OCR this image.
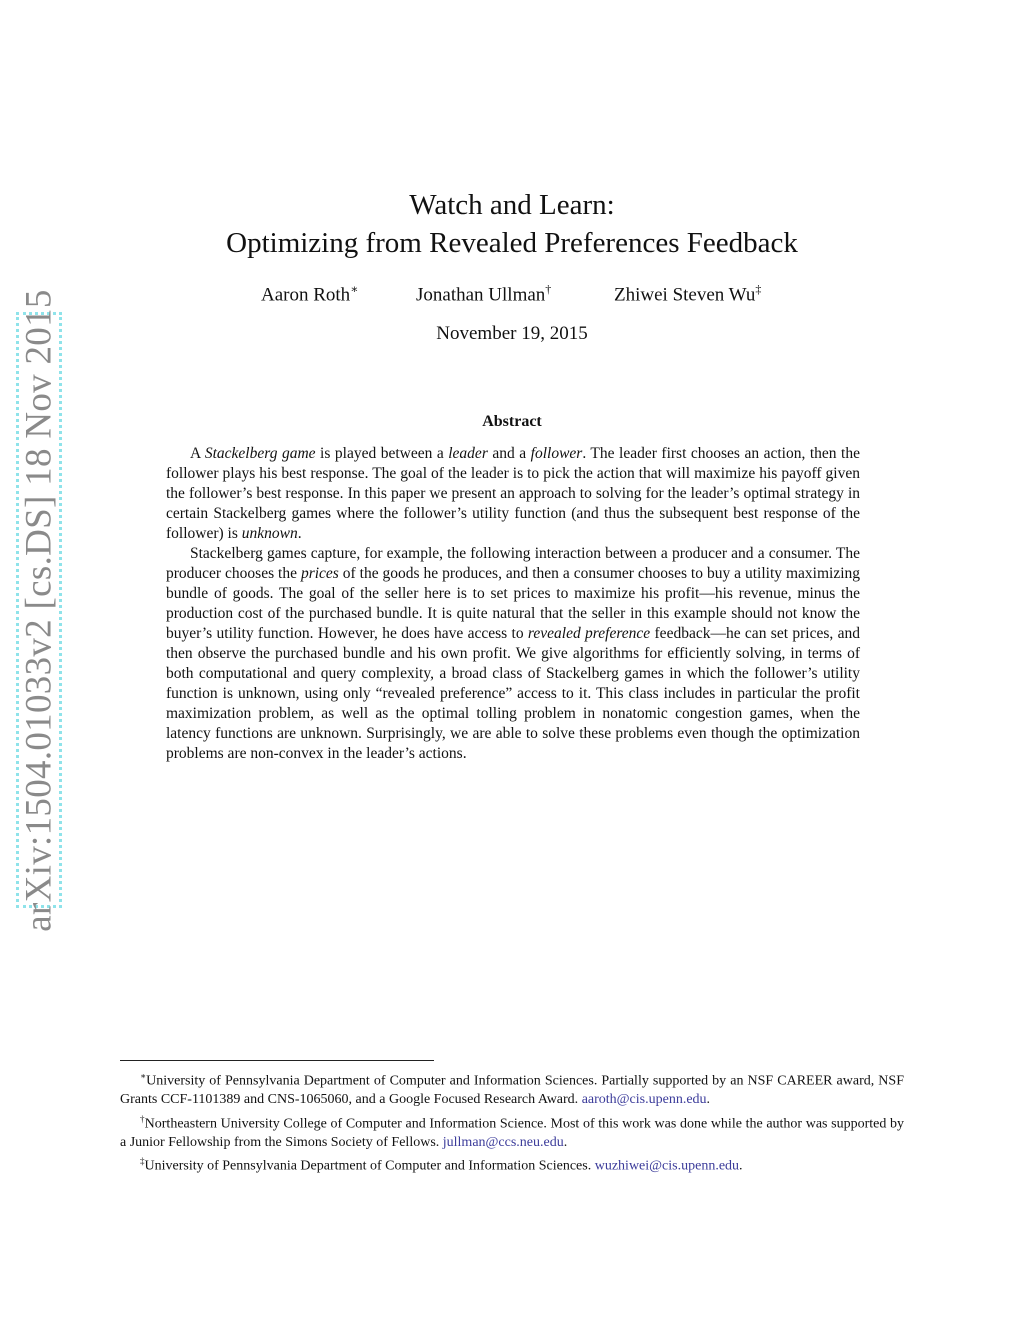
arXiv:1504.01033v2 [cs.DS] 18 Nov 2015
Watch and Learn:
Optimizing from Revealed Preferences Feedback
Aaron Roth∗	Jonathan Ullman†	Zhiwei Steven Wu‡
November 19, 2015
Abstract

A Stackelberg game is played between a leader and a follower. The leader first chooses an action, then the follower plays his best response. The goal of the leader is to pick the action that will maximize his payoff given the follower’s best response. In this paper we present an approach to solving for the leader’s optimal strategy in certain Stackelberg games where the follower’s utility function (and thus the subsequent best response of the follower) is unknown.

Stackelberg games capture, for example, the following interaction between a producer and a consumer. The producer chooses the prices of the goods he produces, and then a consumer chooses to buy a utility maximizing bundle of goods. The goal of the seller here is to set prices to maximize his profit—his revenue, minus the production cost of the purchased bundle. It is quite natural that the seller in this example should not know the buyer’s utility function. However, he does have access to revealed preference feedback—he can set prices, and then observe the purchased bundle and his own profit. We give algorithms for efficiently solving, in terms of both computational and query complexity, a broad class of Stackelberg games in which the follower’s utility function is unknown, using only “revealed preference” access to it. This class includes in particular the profit maximization problem, as well as the optimal tolling problem in nonatomic congestion games, when the latency functions are unknown. Surprisingly, we are able to solve these problems even though the optimization problems are non-convex in the leader’s actions.

∗University of Pennsylvania Department of Computer and Information Sciences. Partially supported by an NSF CAREER award, NSF Grants CCF-1101389 and CNS-1065060, and a Google Focused Research Award. aaroth@cis.upenn.edu.

†Northeastern University College of Computer and Information Science. Most of this work was done while the author was supported by a Junior Fellowship from the Simons Society of Fellows. jullman@ccs.neu.edu.

‡University of Pennsylvania Department of Computer and Information Sciences. wuzhiwei@cis.upenn.edu.
